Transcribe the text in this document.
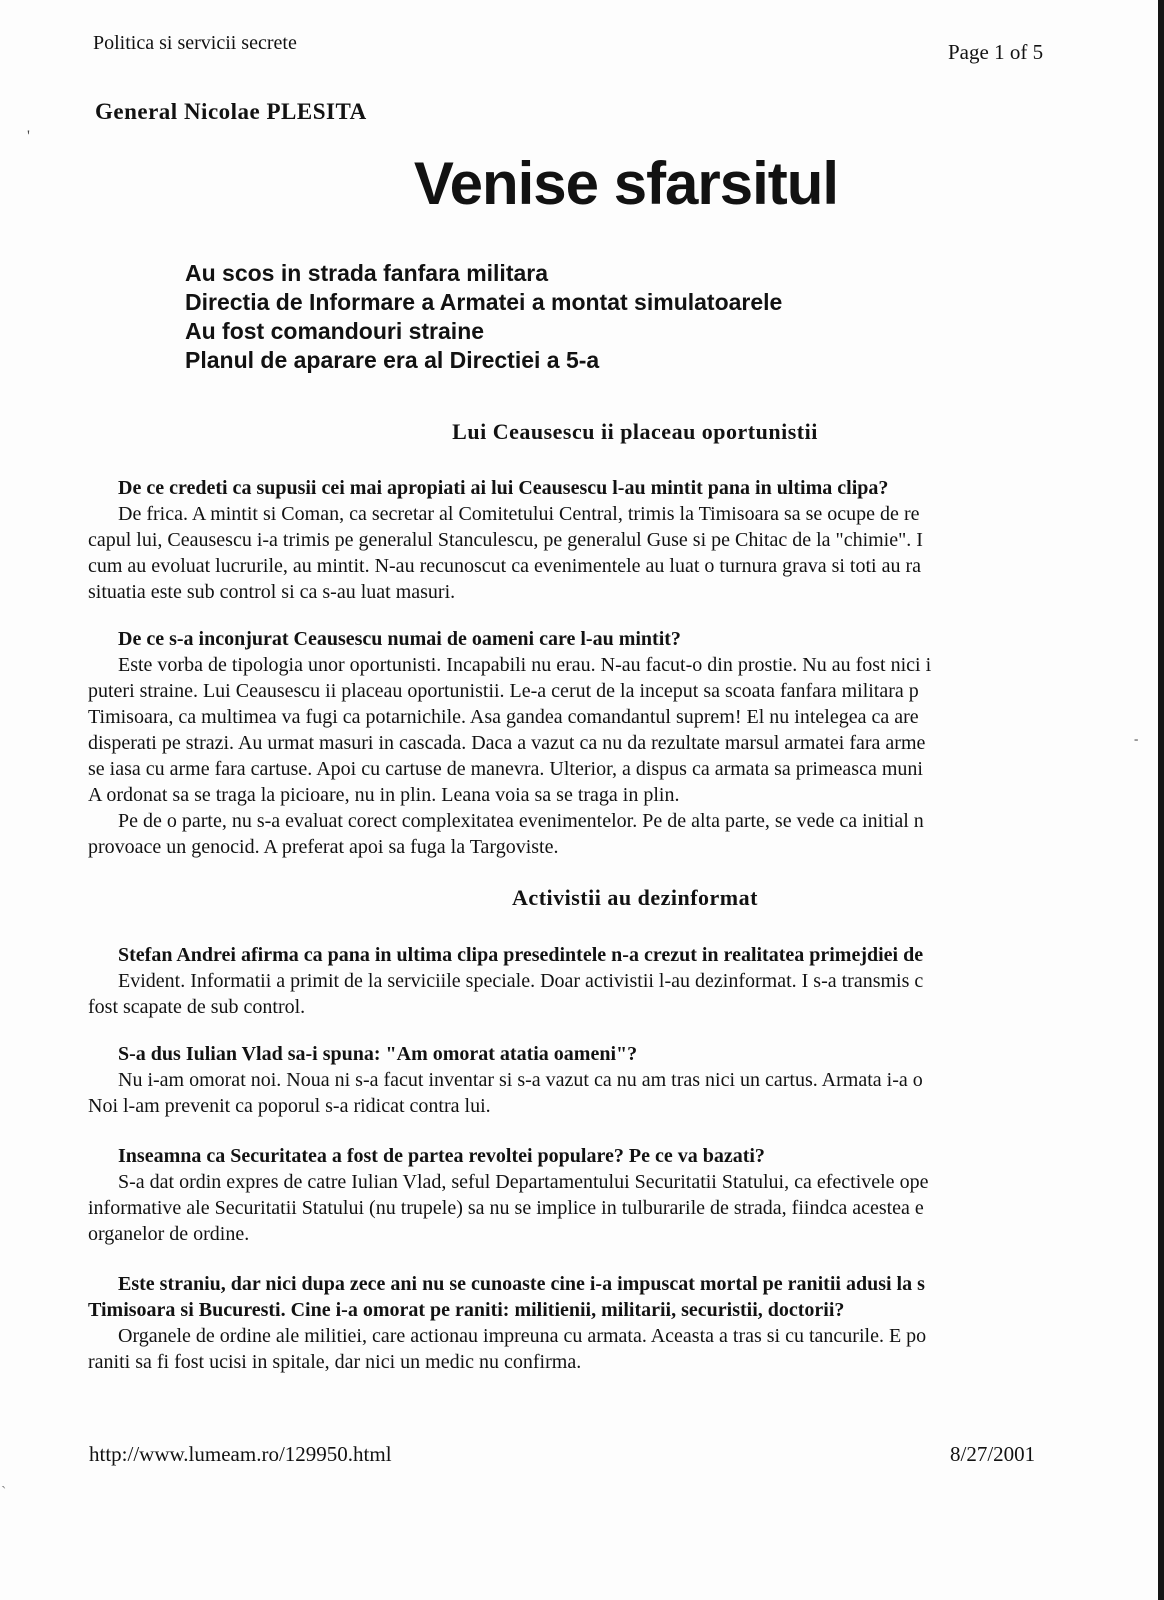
Politica si servicii secrete	Page 1 of 5
General Nicolae PLESITA
Venise sfarsitul
Au scos in strada fanfara militara
Directia de Informare a Armatei a montat simulatoarele
Au fost comandouri straine
Planul de aparare era al Directiei a 5-a
Lui Ceausescu ii placeau oportunistii
De ce credeti ca supusii cei mai apropiati ai lui Ceausescu l-au mintit pana in ultima clipa?
De frica. A mintit si Coman, ca secretar al Comitetului Central, trimis la Timisoara sa se ocupe de re
capul lui, Ceausescu i-a trimis pe generalul Stanculescu, pe generalul Guse si pe Chitac de la "chimie". I
cum au evoluat lucrurile, au mintit. N-au recunoscut ca evenimentele au luat o turnura grava si toti au ra
situatia este sub control si ca s-au luat masuri.
De ce s-a inconjurat Ceausescu numai de oameni care l-au mintit?
Este vorba de tipologia unor oportunisti. Incapabili nu erau. N-au facut-o din prostie. Nu au fost nici i
puteri straine. Lui Ceausescu ii placeau oportunistii. Le-a cerut de la inceput sa scoata fanfara militara p
Timisoara, ca multimea va fugi ca potarnichile. Asa gandea comandantul suprem! El nu intelegea ca are
disperati pe strazi. Au urmat masuri in cascada. Daca a vazut ca nu da rezultate marsul armatei fara arme
se iasa cu arme fara cartuse. Apoi cu cartuse de manevra. Ulterior, a dispus ca armata sa primeasca muni
A ordonat sa se traga la picioare, nu in plin. Leana voia sa se traga in plin.
Pe de o parte, nu s-a evaluat corect complexitatea evenimentelor. Pe de alta parte, se vede ca initial n
provoace un genocid. A preferat apoi sa fuga la Targoviste.
Activistii au dezinformat
Stefan Andrei afirma ca pana in ultima clipa presedintele n-a crezut in realitatea primejdiei de
Evident. Informatii a primit de la serviciile speciale. Doar activistii l-au dezinformat. I s-a transmis c
fost scapate de sub control.
S-a dus Iulian Vlad sa-i spuna: "Am omorat atatia oameni"?
Nu i-am omorat noi. Noua ni s-a facut inventar si s-a vazut ca nu am tras nici un cartus. Armata i-a o
Noi l-am prevenit ca poporul s-a ridicat contra lui.
Inseamna ca Securitatea a fost de partea revoltei populare? Pe ce va bazati?
S-a dat ordin expres de catre Iulian Vlad, seful Departamentului Securitatii Statului, ca efectivele ope
informative ale Securitatii Statului (nu trupele) sa nu se implice in tulburarile de strada, fiindca acestea e
organelor de ordine.
Este straniu, dar nici dupa zece ani nu se cunoaste cine i-a impuscat mortal pe ranitii adusi la s
Timisoara si Bucuresti. Cine i-a omorat pe raniti: militienii, militarii, securistii, doctorii?
Organele de ordine ale militiei, care actionau impreuna cu armata. Aceasta a tras si cu tancurile. E po
raniti sa fi fost ucisi in spitale, dar nici un medic nu confirma.
http://www.lumeam.ro/129950.html	8/27/2001
'
`
-
